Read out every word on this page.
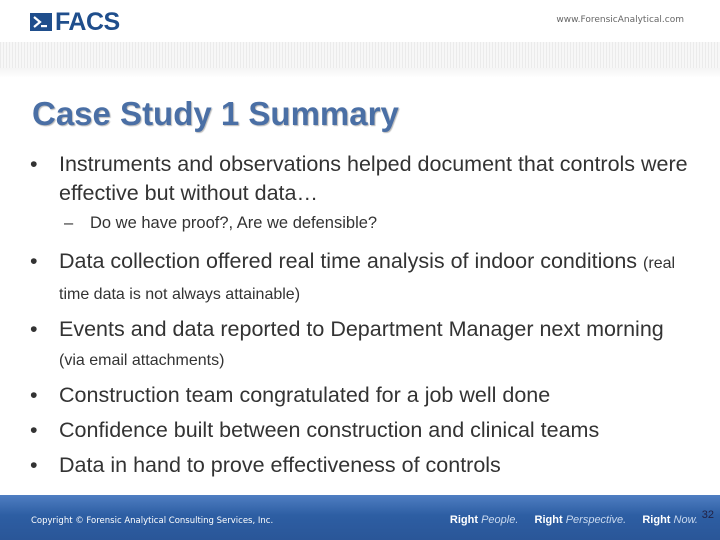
FACS	www.ForensicAnalytical.com
Case Study 1 Summary
• Instruments and observations helped document that controls were effective but without data…
– Do we have proof?, Are we defensible?
• Data collection offered real time analysis of indoor conditions (real time data is not always attainable)
• Events and data reported to Department Manager next morning (via email attachments)
• Construction team congratulated for a job well done
• Confidence built between construction and clinical teams
• Data in hand to prove effectiveness of controls
Copyright © Forensic Analytical Consulting Services, Inc.	Right People. Right Perspective. Right Now. 32
